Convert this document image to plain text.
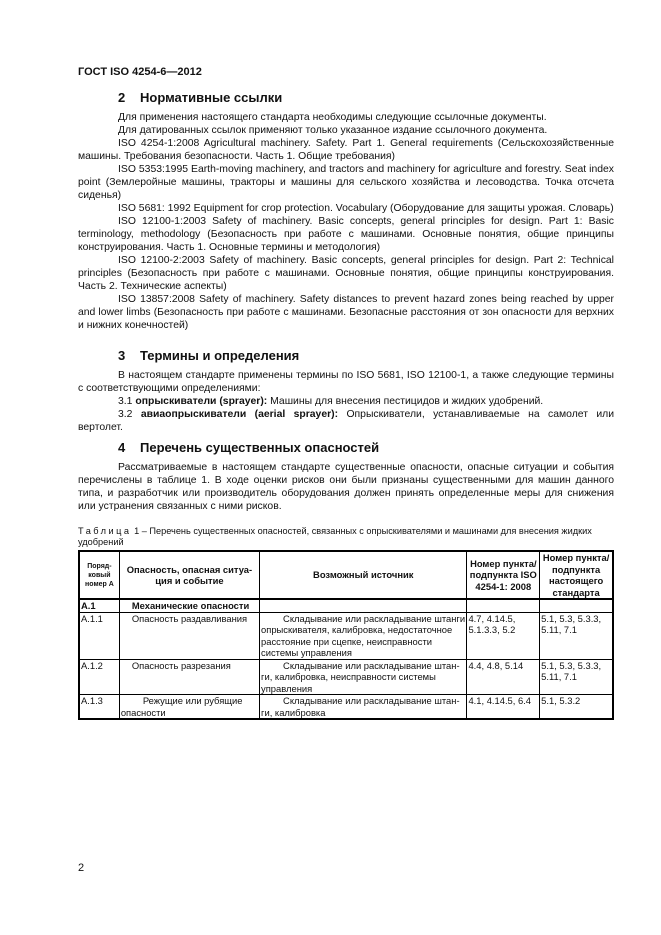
ГОСТ ISO 4254-6—2012
2 Нормативные ссылки

Для применения настоящего стандарта необходимы следующие ссылочные документы.

Для датированных ссылок применяют только указанное издание ссылочного документа.

ISO 4254-1:2008 Agricultural machinery. Safety. Part 1. General requirements (Сельскохозяйственные машины. Требования безопасности. Часть 1. Общие требования)

ISO 5353:1995 Earth-moving machinery, and tractors and machinery for agriculture and forestry. Seat index point (Землеройные машины, тракторы и машины для сельского хозяйства и лесоводства. Точка отсчета сиденья)

ISO 5681: 1992 Equipment for crop protection. Vocabulary (Оборудование для защиты урожая. Словарь)

ISO 12100-1:2003 Safety of machinery. Basic concepts, general principles for design. Part 1: Basic terminology, methodology (Безопасность при работе с машинами. Основные понятия, общие принципы конструирования. Часть 1. Основные термины и методология)

ISO 12100-2:2003 Safety of machinery. Basic concepts, general principles for design. Part 2: Technical principles (Безопасность при работе с машинами. Основные понятия, общие принципы конструирования. Часть 2. Технические аспекты)

ISO 13857:2008 Safety of machinery. Safety distances to prevent hazard zones being reached by upper and lower limbs (Безопасность при работе с машинами. Безопасные расстояния от зон опасности для верхних и нижних конечностей)

3 Термины и определения

В настоящем стандарте применены термины по ISO 5681, ISO 12100-1, а также следующие термины с соответствующими определениями:

3.1 опрыскиватели (sprayer): Машины для внесения пестицидов и жидких удобрений.

3.2 авиаопрыскиватели (aerial sprayer): Опрыскиватели, устанавливаемые на самолет или вертолет.

4 Перечень существенных опасностей

Рассматриваемые в настоящем стандарте существенные опасности, опасные ситуации и события перечислены в таблице 1. В ходе оценки рисков они были признаны существенными для машин данного типа, и разработчик или производитель оборудования должен принять определенные меры для снижения или устранения связанных с ними рисков.

Таблица 1 – Перечень существенных опасностей, связанных с опрыскивателями и машинами для внесения жидких удобрений

Порядковый номер А	Опасность, опасная ситуация и событие	Возможный источник	Номер пункта/ подпункта ISO 4254-1: 2008	Номер пункта/ подпункта настоящего стандарта
А.1	Механические опасности			
А.1.1	Опасность раздавливания	Складывание или раскладывание штанги опрыскивателя, калибровка, недостаточное расстояние при сцепке, неисправности системы управления	4.7, 4.14.5, 5.1.3.3, 5.2	5.1, 5.3, 5.3.3, 5.11, 7.1
А.1.2	Опасность разрезания	Складывание или раскладывание штанги, калибровка, неисправности системы управления	4.4, 4.8, 5.14	5.1, 5.3, 5.3.3, 5.11, 7.1
А.1.3	Режущие или рубящие опасности	Складывание или раскладывание штанги, калибровка	4.1, 4.14.5, 6.4	5.1, 5.3.2
2
